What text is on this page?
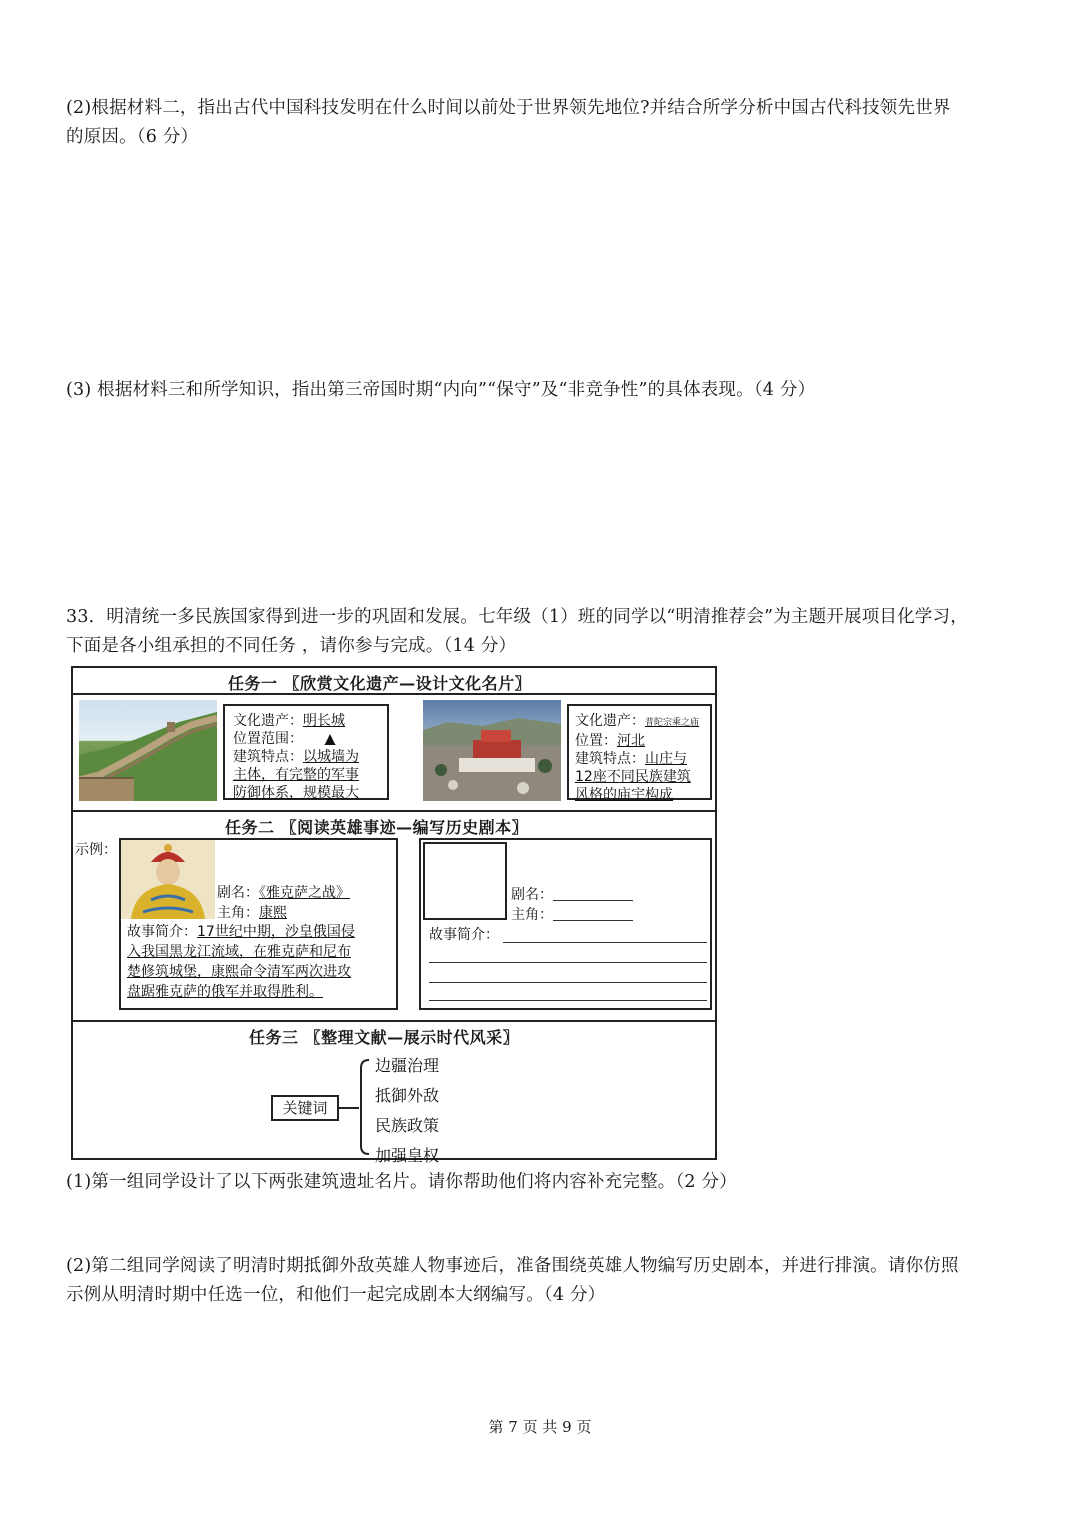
(2)根据材料二，指出古代中国科技发明在什么时间以前处于世界领先地位?并结合所学分析中国古代科技领先世界
的原因。（6 分）
(3) 根据材料三和所学知识，指出第三帝国时期“内向”“保守”及“非竞争性”的具体表现。（4 分）
33．明清统一多民族国家得到进一步的巩固和发展。七年级（1）班的同学以“明清推荐会”为主题开展项目化学习，
下面是各小组承担的不同任务 ，请你参与完成。（14 分）
任务一 〖欣赏文化遗产—设计文化名片〗
文化遗产：明长城
位置范围： ▲
建筑特点：以城墙为
主体，有完整的军事
防御体系，规模最大
文化遗产：普陀宗乘之庙
位置：河北
建筑特点：山庄与
12座不同民族建筑
风格的庙宇构成
任务二 〖阅读英雄事迹—编写历史剧本〗
示例：
剧名：《雅克萨之战》
主角：康熙
故事简介：17世纪中期，沙皇俄国侵
入我国黑龙江流域，在雅克萨和尼布
楚修筑城堡，康熙命令清军两次进攻
盘踞雅克萨的俄军并取得胜利。
剧名：
主角：
故事简介：
任务三 〖整理文献—展示时代风采〗
关键词
边疆治理
抵御外敌
民族政策
加强皇权
(1)第一组同学设计了以下两张建筑遗址名片。请你帮助他们将内容补充完整。（2 分）
(2)第二组同学阅读了明清时期抵御外敌英雄人物事迹后，准备围绕英雄人物编写历史剧本，并进行排演。请你仿照
示例从明清时期中任选一位，和他们一起完成剧本大纲编写。（4 分）
第 7 页 共 9 页
